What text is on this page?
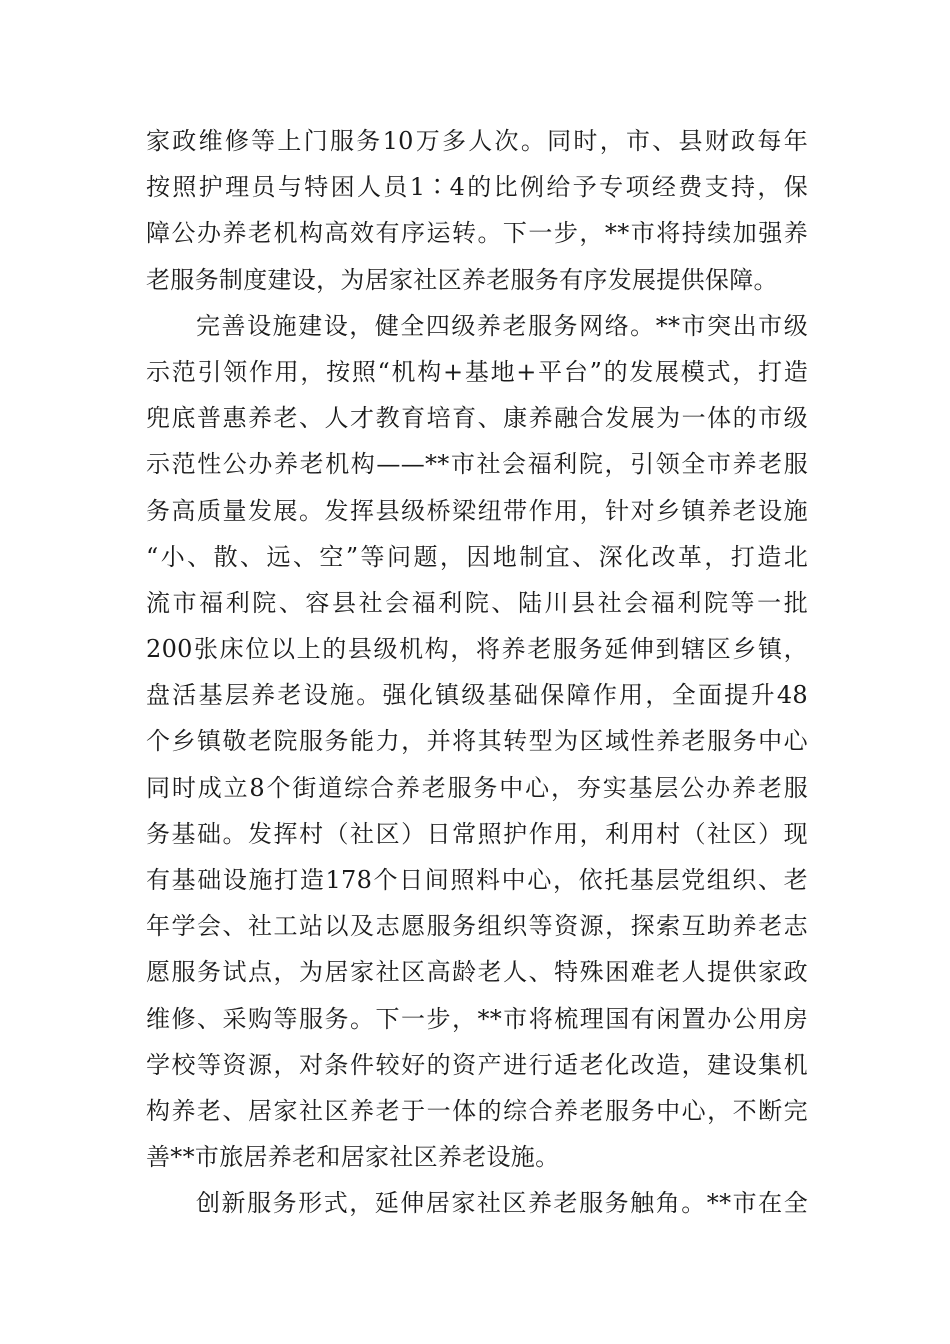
家政维修等上门服务10万多人次。同时，市、县财政每年
按照护理员与特困人员1∶4的比例给予专项经费支持，保
障公办养老机构高效有序运转。下一步，**市将持续加强养
老服务制度建设，为居家社区养老服务有序发展提供保障。
完善设施建设，健全四级养老服务网络。**市突出市级
示范引领作用，按照“机构+基地+平台”的发展模式，打造
兜底普惠养老、人才教育培育、康养融合发展为一体的市级
示范性公办养老机构——**市社会福利院，引领全市养老服
务高质量发展。发挥县级桥梁纽带作用，针对乡镇养老设施
“小、散、远、空”等问题，因地制宜、深化改革，打造北
流市福利院、容县社会福利院、陆川县社会福利院等一批
200张床位以上的县级机构，将养老服务延伸到辖区乡镇，
盘活基层养老设施。强化镇级基础保障作用，全面提升48
个乡镇敬老院服务能力，并将其转型为区域性养老服务中心
同时成立8个街道综合养老服务中心，夯实基层公办养老服
务基础。发挥村（社区）日常照护作用，利用村（社区）现
有基础设施打造178个日间照料中心，依托基层党组织、老
年学会、社工站以及志愿服务组织等资源，探索互助养老志
愿服务试点，为居家社区高龄老人、特殊困难老人提供家政
维修、采购等服务。下一步，**市将梳理国有闲置办公用房
学校等资源，对条件较好的资产进行适老化改造，建设集机
构养老、居家社区养老于一体的综合养老服务中心，不断完
善**市旅居养老和居家社区养老设施。
创新服务形式，延伸居家社区养老服务触角。**市在全
